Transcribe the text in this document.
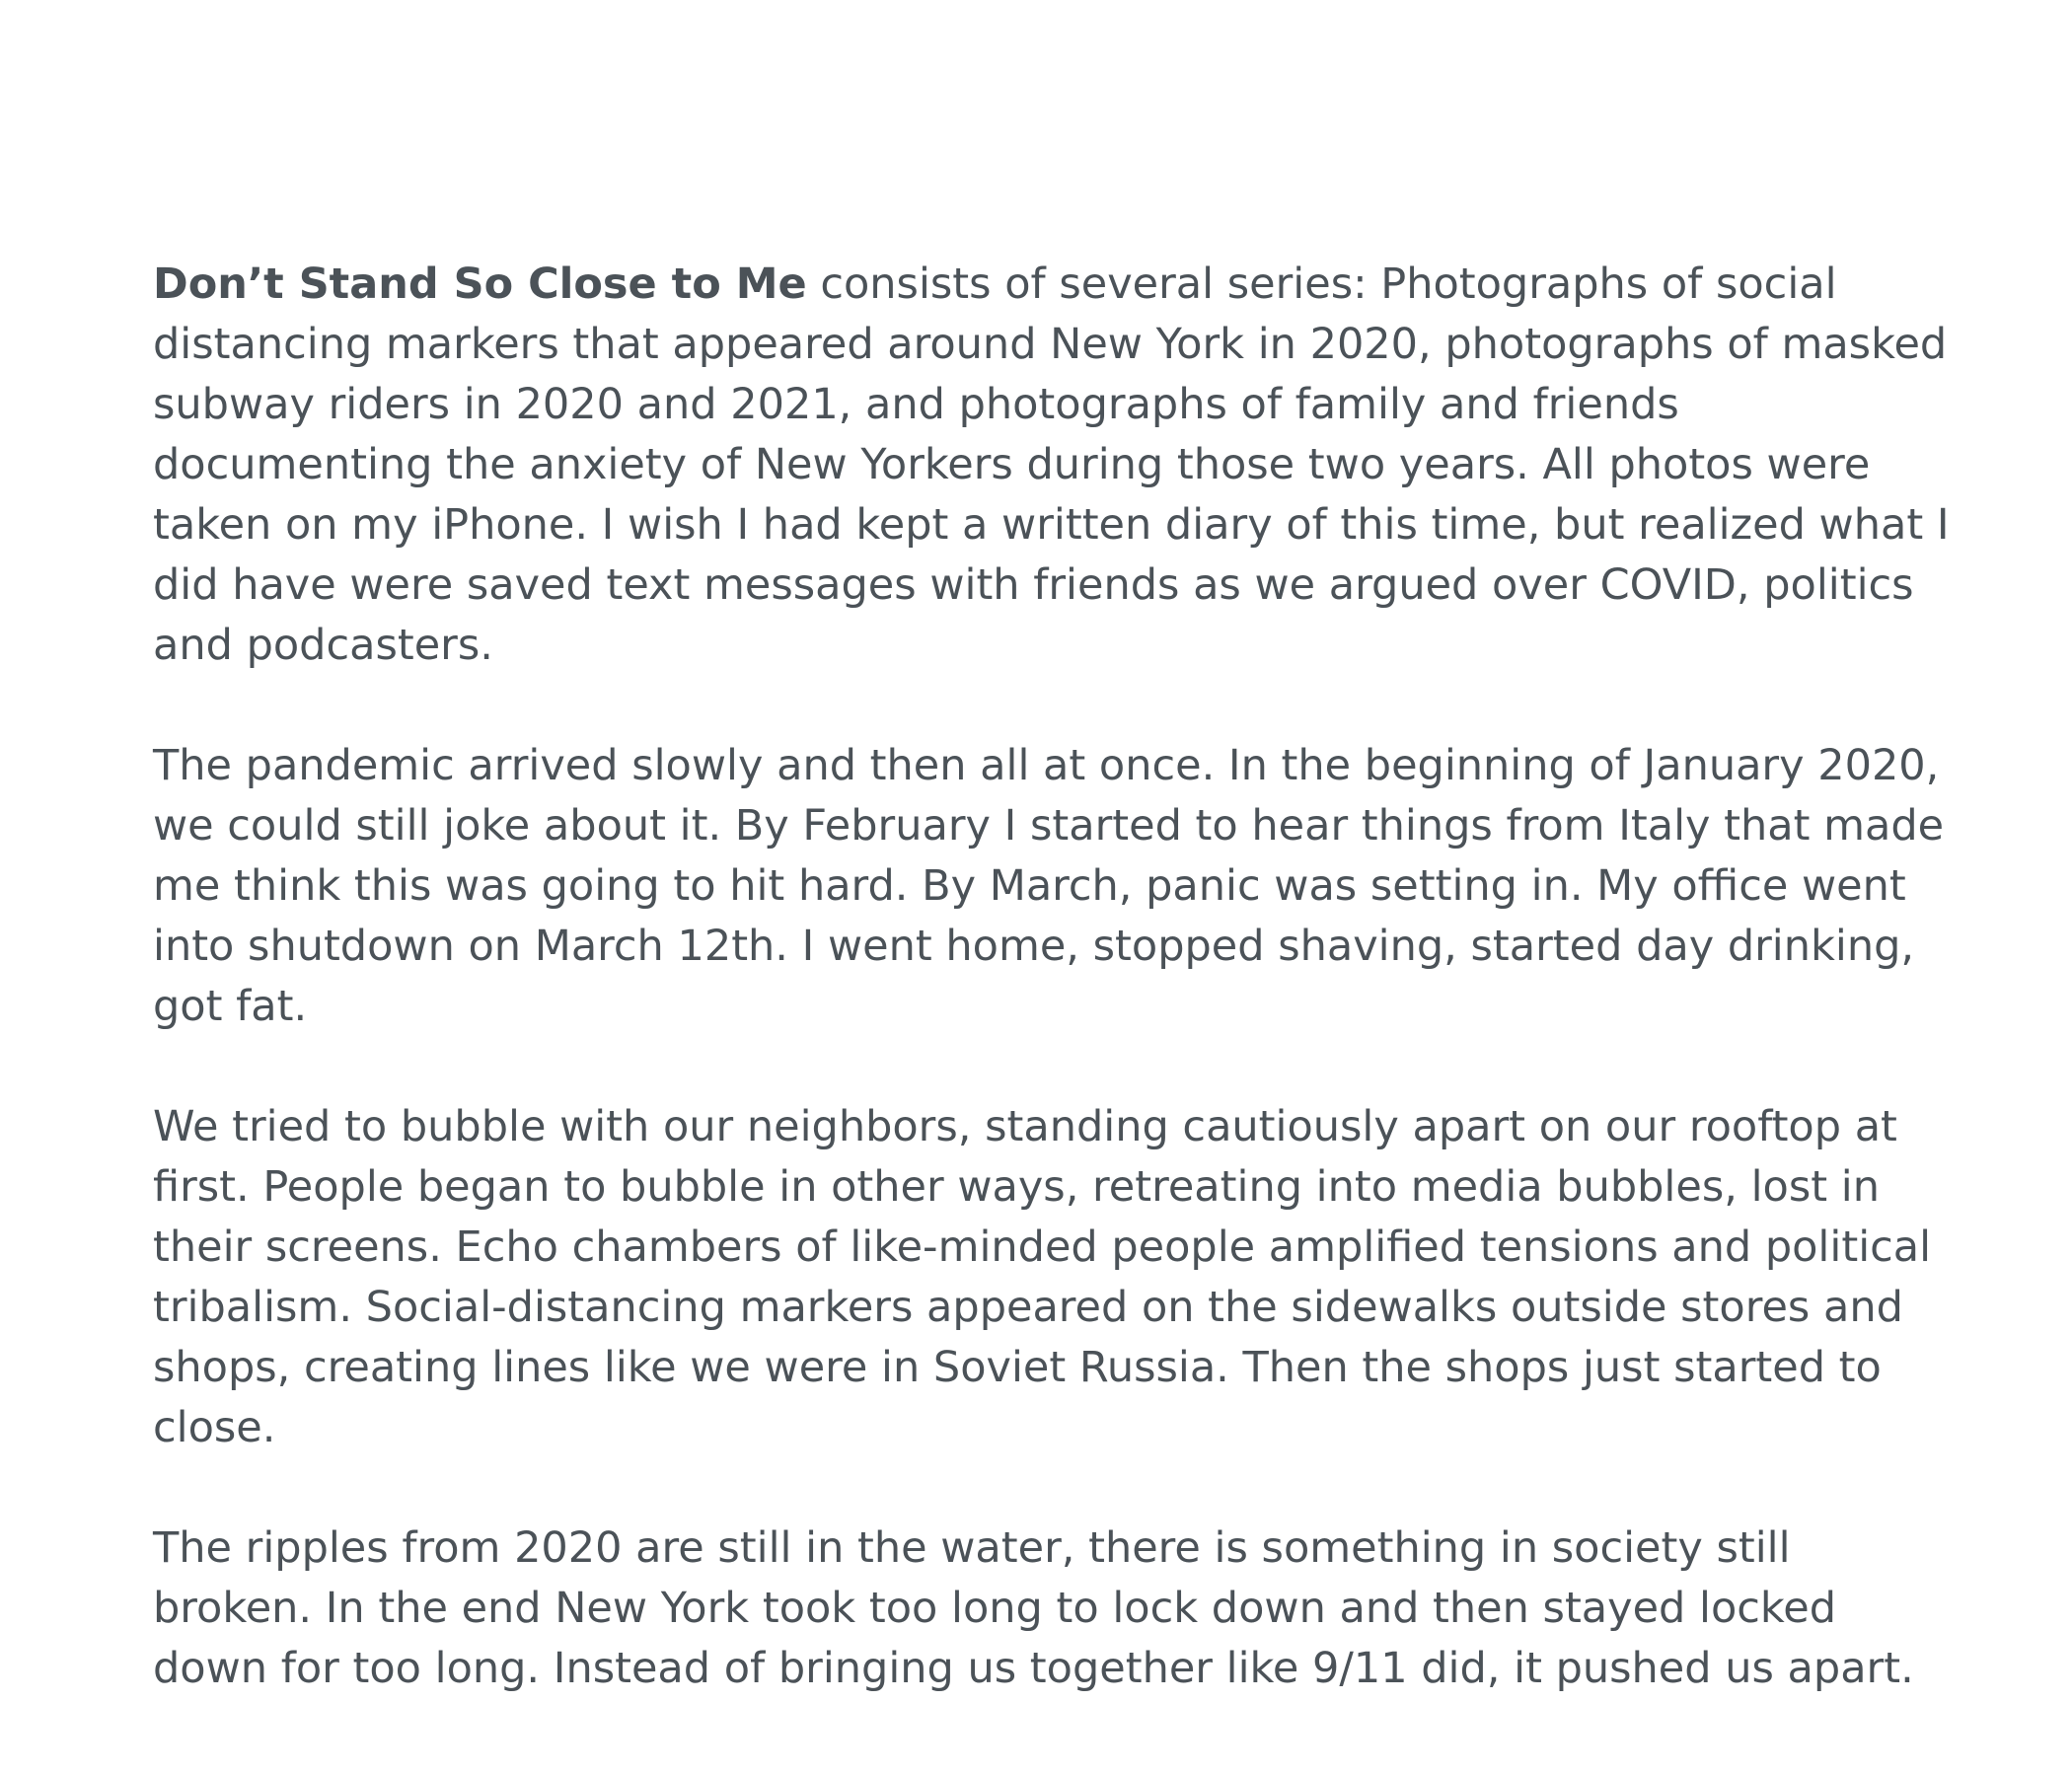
Don’t Stand So Close to Me consists of several series: Photographs of social distancing markers that appeared around New York in 2020, photographs of masked subway riders in 2020 and 2021, and photographs of family and friends documenting the anxiety of New Yorkers during those two years. All photos were taken on my iPhone. I wish I had kept a written diary of this time, but realized what I did have were saved text messages with friends as we argued over COVID, politics and podcasters.

The pandemic arrived slowly and then all at once. In the beginning of January 2020, we could still joke about it. By February I started to hear things from Italy that made me think this was going to hit hard. By March, panic was setting in. My office went into shutdown on March 12th. I went home, stopped shaving, started day drinking, got fat.

We tried to bubble with our neighbors, standing cautiously apart on our rooftop at first. People began to bubble in other ways, retreating into media bubbles, lost in their screens. Echo chambers of like-minded people amplified tensions and political tribalism. Social-distancing markers appeared on the sidewalks outside stores and shops, creating lines like we were in Soviet Russia. Then the shops just started to close.

The ripples from 2020 are still in the water, there is something in society still broken. In the end New York took too long to lock down and then stayed locked down for too long. Instead of bringing us together like 9/11 did, it pushed us apart.
